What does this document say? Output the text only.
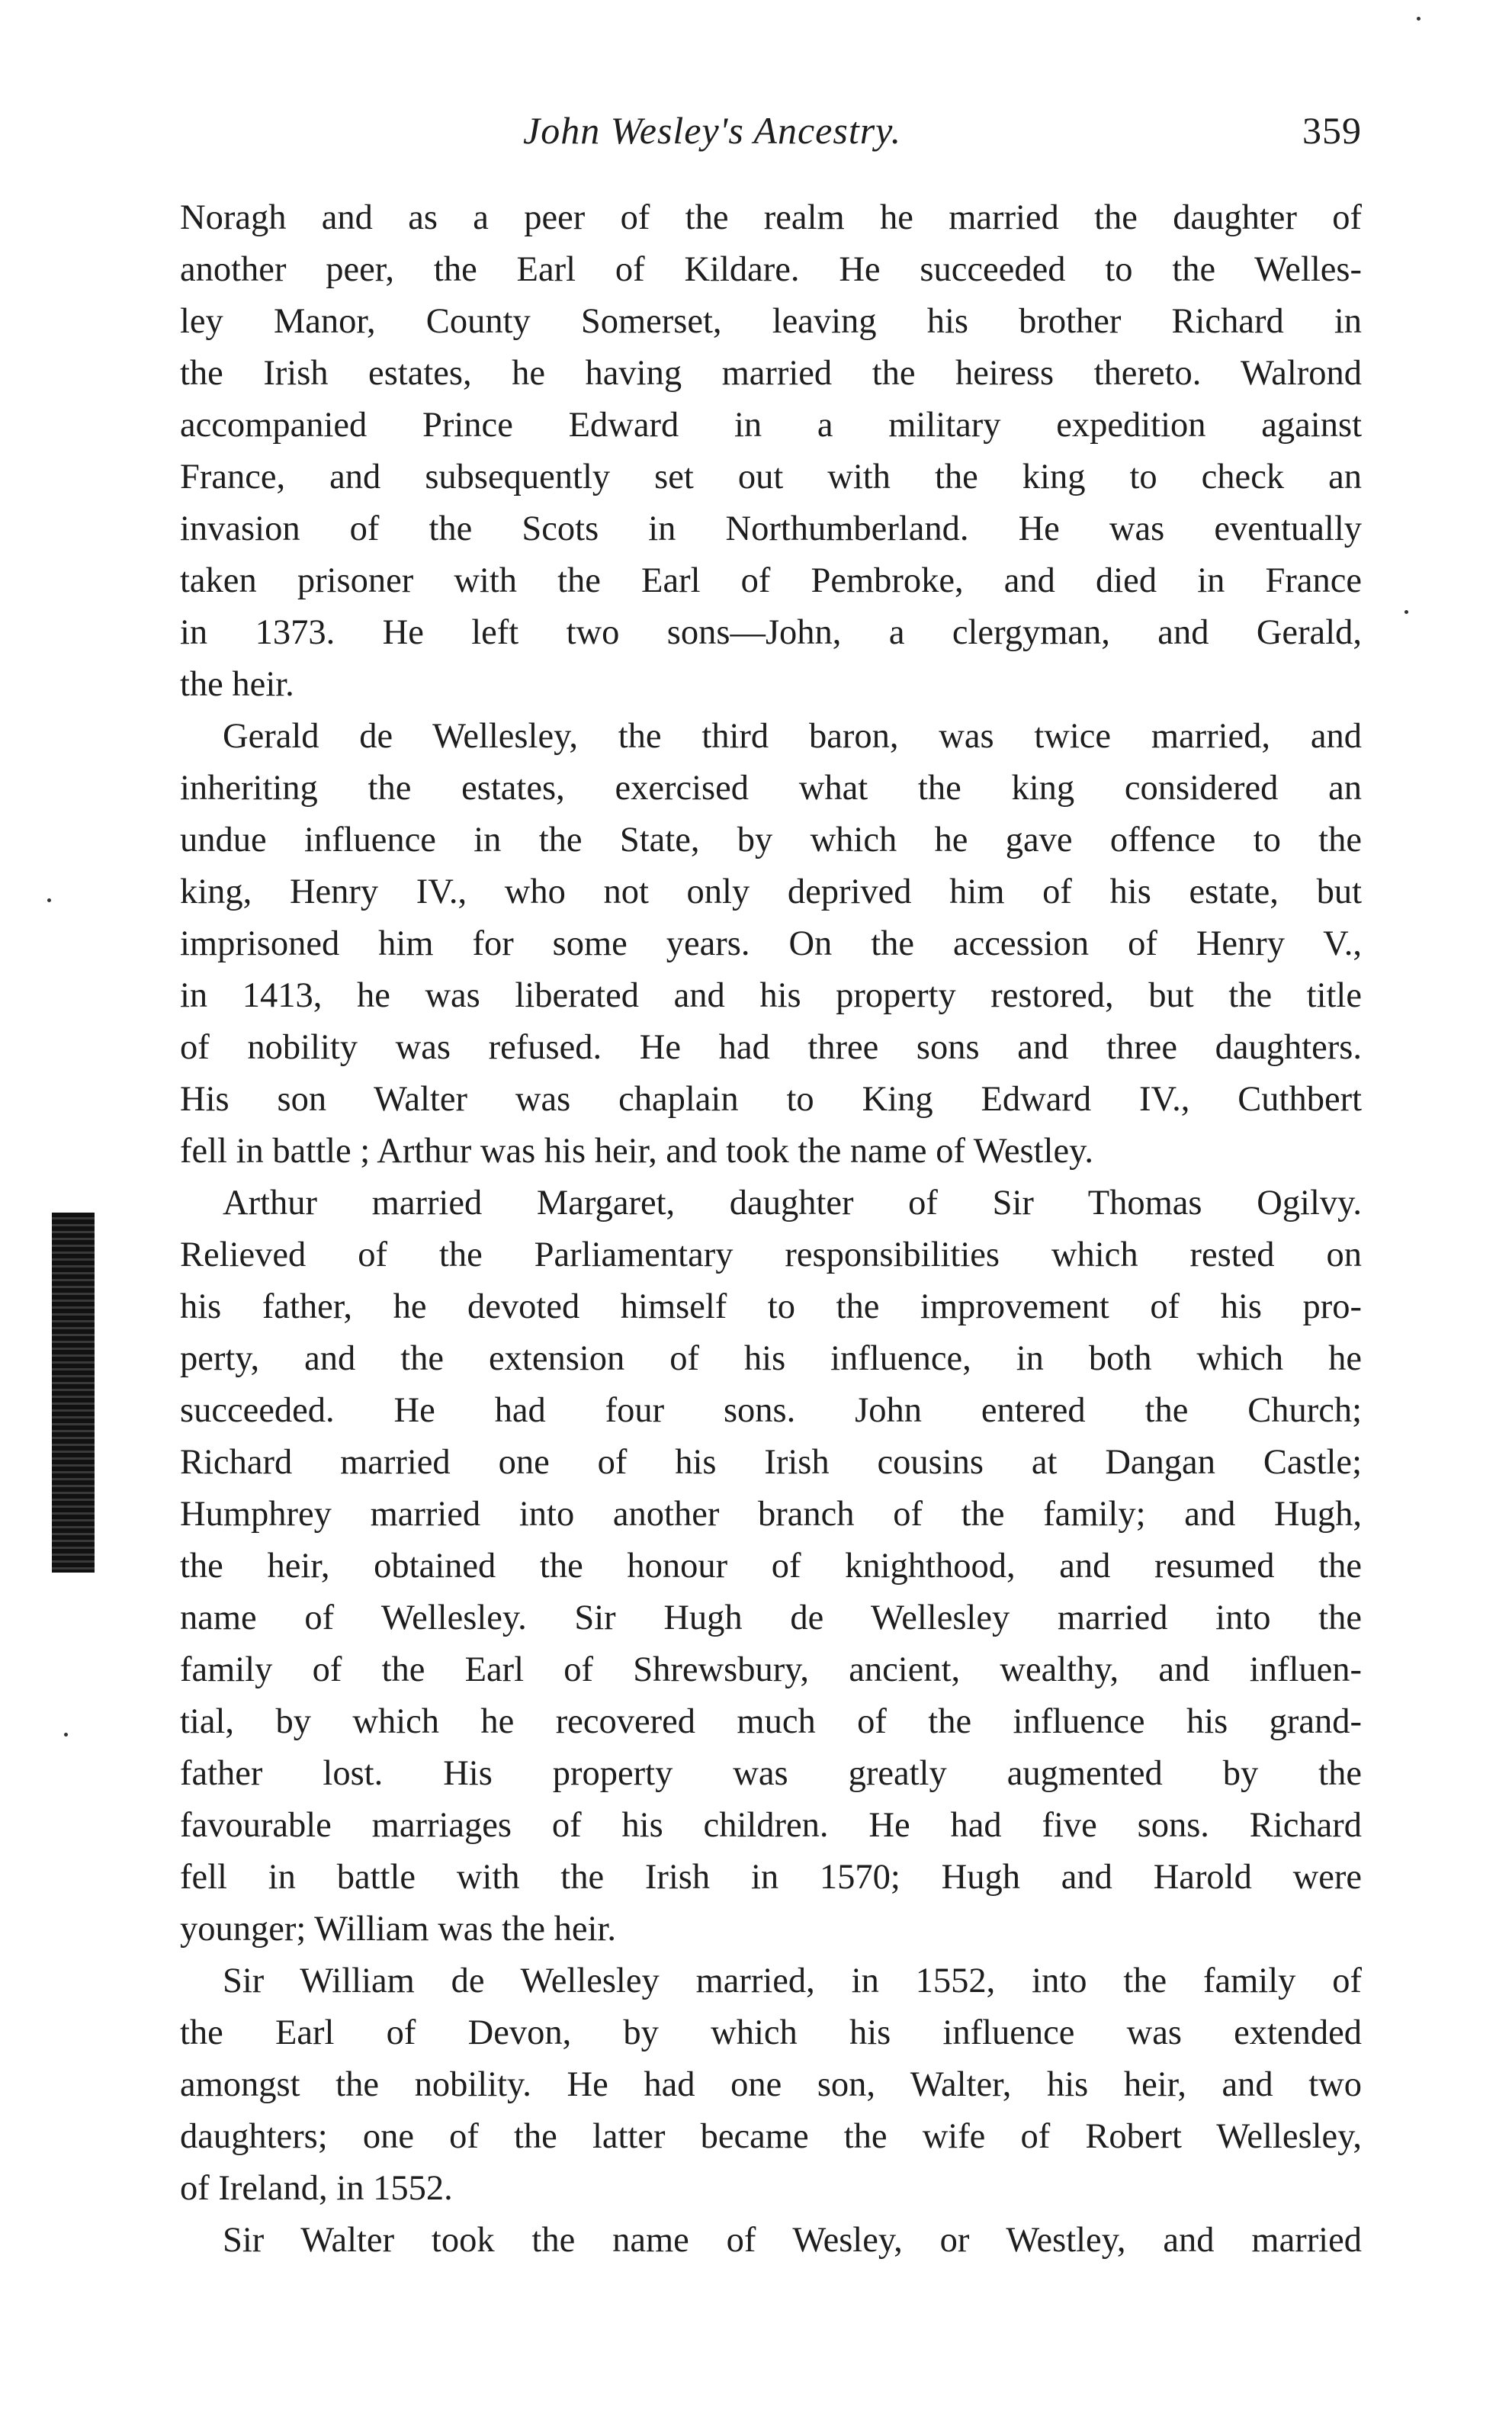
John Wesley's Ancestry.	359
Noragh and as a peer of the realm he married the daughter of
another peer, the Earl of Kildare. He succeeded to the Welles-
ley Manor, County Somerset, leaving his brother Richard in
the Irish estates, he having married the heiress thereto. Walrond
accompanied Prince Edward in a military expedition against
France, and subsequently set out with the king to check an
invasion of the Scots in Northumberland. He was eventually
taken prisoner with the Earl of Pembroke, and died in France
in 1373. He left two sons—John, a clergyman, and Gerald,
the heir.
Gerald de Wellesley, the third baron, was twice married, and
inheriting the estates, exercised what the king considered an
undue influence in the State, by which he gave offence to the
king, Henry IV., who not only deprived him of his estate, but
imprisoned him for some years. On the accession of Henry V.,
in 1413, he was liberated and his property restored, but the title
of nobility was refused. He had three sons and three daughters.
His son Walter was chaplain to King Edward IV., Cuthbert
fell in battle ; Arthur was his heir, and took the name of Westley.
Arthur married Margaret, daughter of Sir Thomas Ogilvy.
Relieved of the Parliamentary responsibilities which rested on
his father, he devoted himself to the improvement of his pro-
perty, and the extension of his influence, in both which he
succeeded. He had four sons. John entered the Church;
Richard married one of his Irish cousins at Dangan Castle;
Humphrey married into another branch of the family; and Hugh,
the heir, obtained the honour of knighthood, and resumed the
name of Wellesley. Sir Hugh de Wellesley married into the
family of the Earl of Shrewsbury, ancient, wealthy, and influen-
tial, by which he recovered much of the influence his grand-
father lost. His property was greatly augmented by the
favourable marriages of his children. He had five sons. Richard
fell in battle with the Irish in 1570; Hugh and Harold were
younger; William was the heir.
Sir William de Wellesley married, in 1552, into the family of
the Earl of Devon, by which his influence was extended
amongst the nobility. He had one son, Walter, his heir, and two
daughters; one of the latter became the wife of Robert Wellesley,
of Ireland, in 1552.
Sir Walter took the name of Wesley, or Westley, and married
